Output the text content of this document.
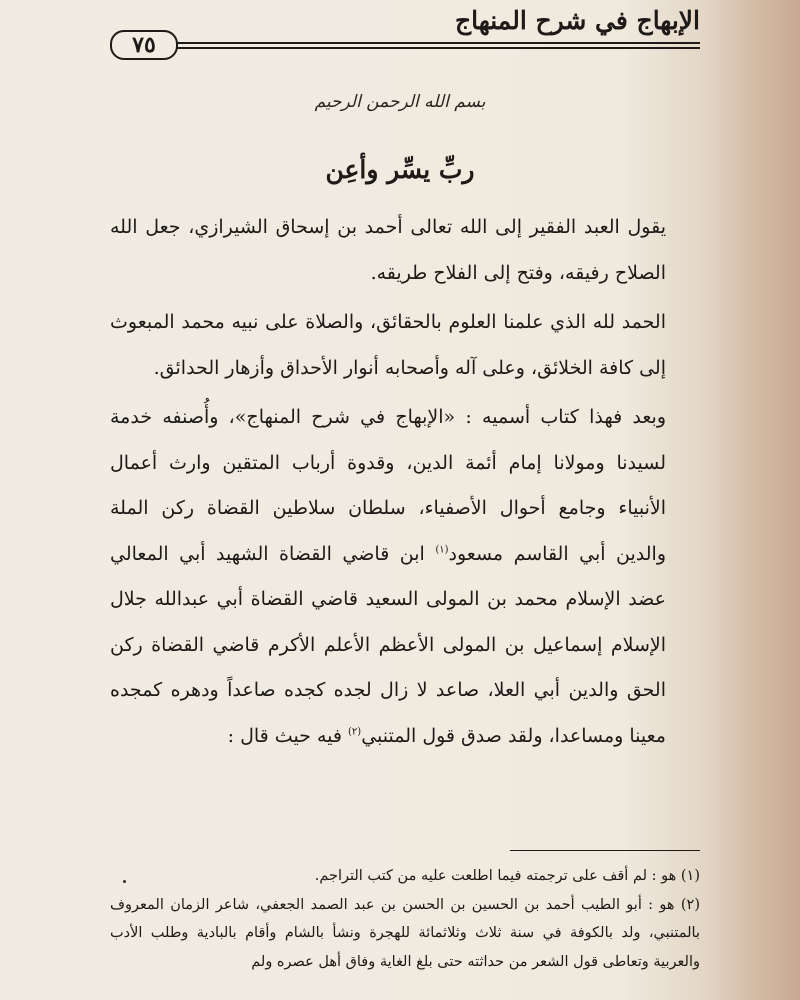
الإبهاج في شرح المنهاج
٧٥
بسم الله الرحمن الرحيم
ربِّ يسِّر وأعِن

يقول العبد الفقير إلى الله تعالى أحمد بن إسحاق الشيرازي، جعل الله الصلاح رفيقه، وفتح إلى الفلاح طريقه.

الحمد لله الذي علمنا العلوم بالحقائق، والصلاة على نبيه محمد المبعوث إلى كافة الخلائق، وعلى آله وأصحابه أنوار الأحداق وأزهار الحدائق.

وبعد فهذا كتاب أسميه : «الإبهاج في شرح المنهاج»، وأُصنفه خدمة لسيدنا ومولانا إمام أئمة الدين، وقدوة أرباب المتقين وارث أعمال الأنبياء وجامع أحوال الأصفياء، سلطان سلاطين القضاة ركن الملة والدين أبي القاسم مسعود$^{(١)}$ ابن قاضي القضاة الشهيد أبي المعالي عضد الإسلام محمد بن المولى السعيد قاضي القضاة أبي عبدالله جلال الإسلام إسماعيل بن المولى الأعظم الأعلم الأكرم قاضي القضاة ركن الحق والدين أبي العلا، صاعد لا زال لجده كجده صاعداً ودهره كمجده معينا ومساعدا، ولقد صدق قول المتنبي$^{(٢)}$ فيه حيث قال :

(١) هو : لم أقف على ترجمته فيما اطلعت عليه من كتب التراجم.

(٢) هو : أبو الطيب أحمد بن الحسين بن الحسن بن عبد الصمد الجعفي، شاعر الزمان المعروف بالمتنبي، ولد بالكوفة في سنة ثلاث وثلاثمائة للهجرة ونشأ بالشام وأقام بالبادية وطلب الأدب والعربية وتعاطى قول الشعر من حداثته حتى بلغ الغاية وفاق أهل عصره ولم
